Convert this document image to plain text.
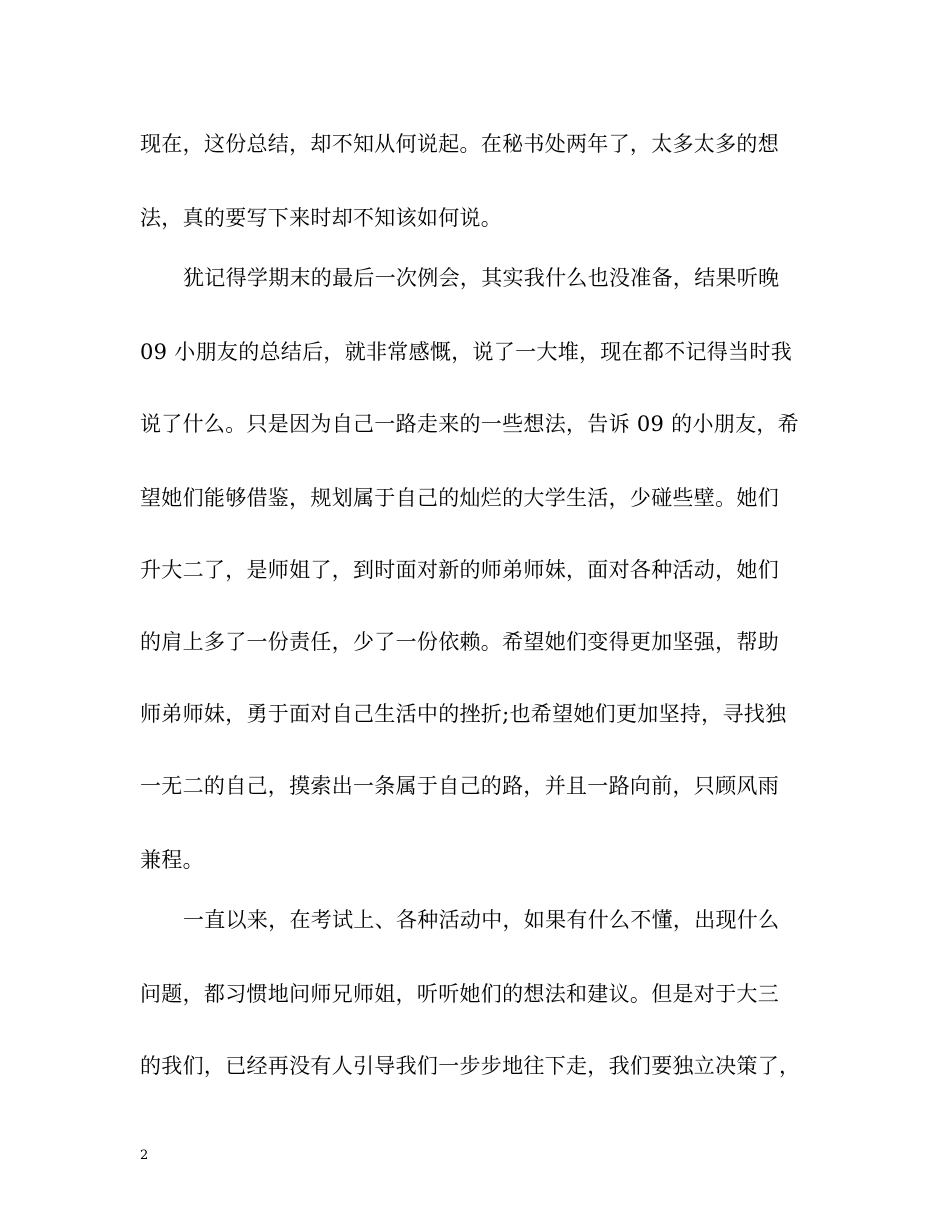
现在，这份总结，却不知从何说起。在秘书处两年了，太多太多的想
法，真的要写下来时却不知该如何说。
犹记得学期末的最后一次例会，其实我什么也没准备，结果听晚
09 小朋友的总结后，就非常感慨，说了一大堆，现在都不记得当时我
说了什么。只是因为自己一路走来的一些想法，告诉 09 的小朋友，希
望她们能够借鉴，规划属于自己的灿烂的大学生活，少碰些壁。她们
升大二了，是师姐了，到时面对新的师弟师妹，面对各种活动，她们
的肩上多了一份责任，少了一份依赖。希望她们变得更加坚强，帮助
师弟师妹，勇于面对自己生活中的挫折;也希望她们更加坚持，寻找独
一无二的自己，摸索出一条属于自己的路，并且一路向前，只顾风雨
兼程。
一直以来，在考试上、各种活动中，如果有什么不懂，出现什么
问题，都习惯地问师兄师姐，听听她们的想法和建议。但是对于大三
的我们，已经再没有人引导我们一步步地往下走，我们要独立决策了，
2
